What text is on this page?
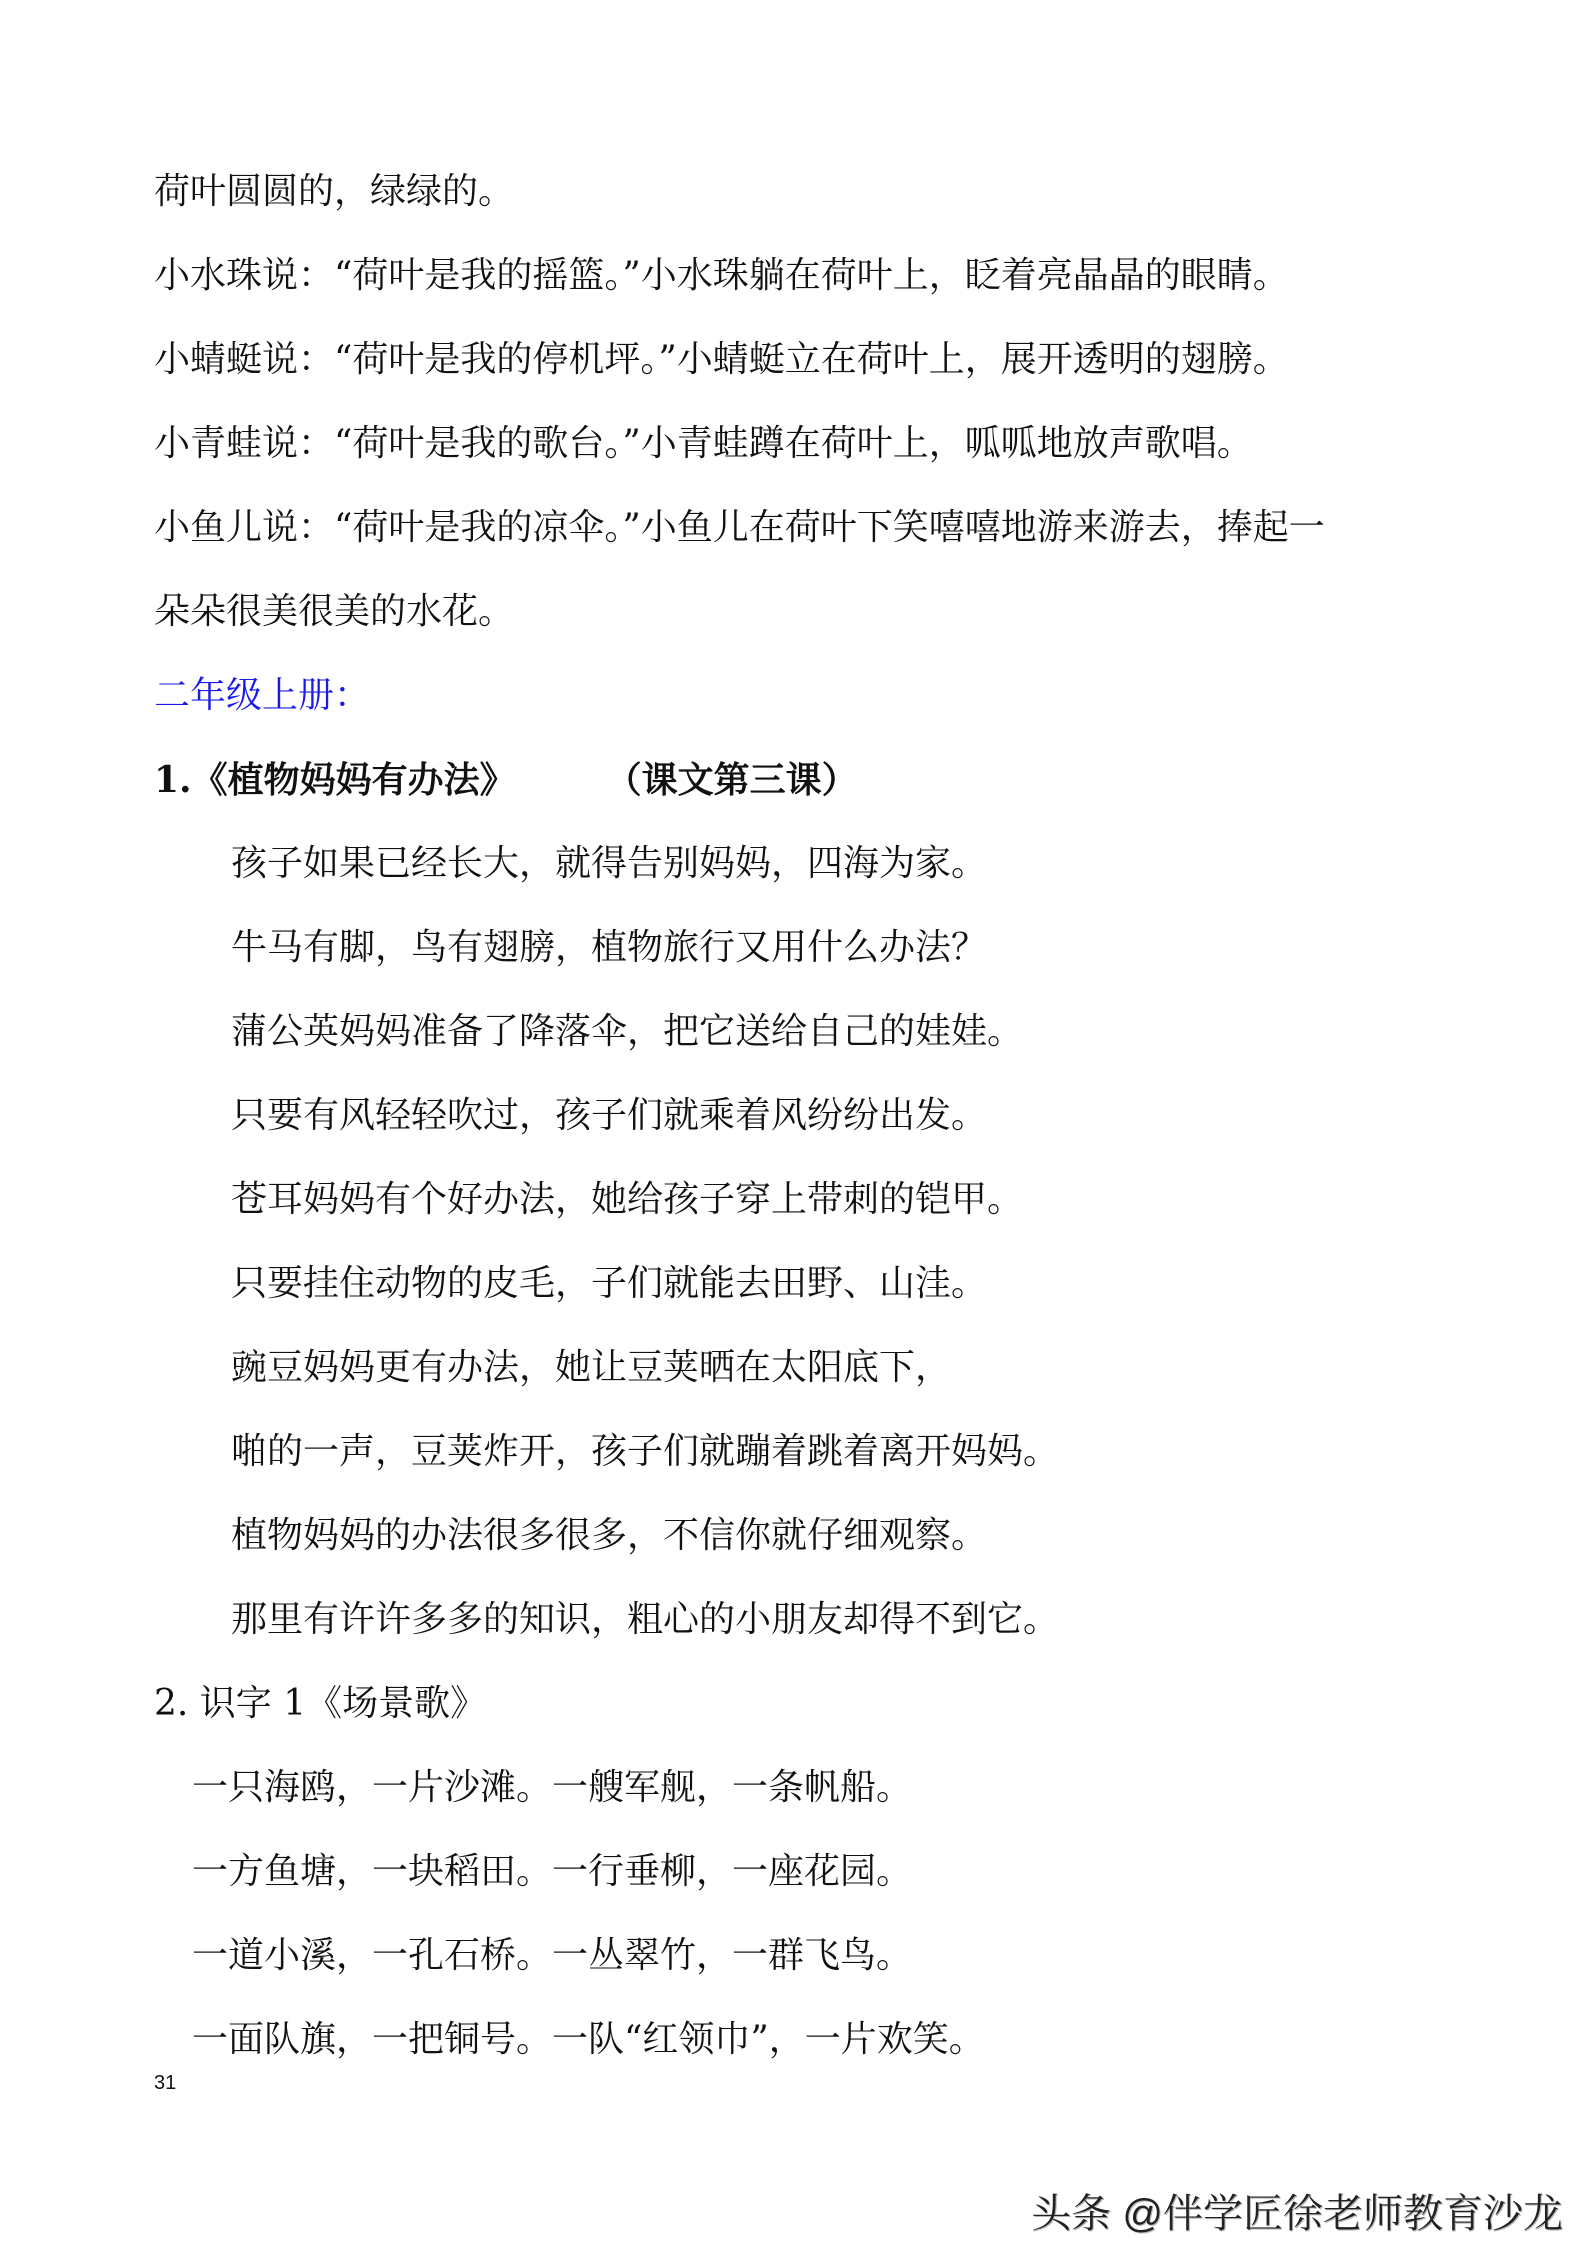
荷叶圆圆的，绿绿的。
小水珠说：“荷叶是我的摇篮。”小水珠躺在荷叶上，眨着亮晶晶的眼睛。
小蜻蜓说：“荷叶是我的停机坪。”小蜻蜓立在荷叶上，展开透明的翅膀。
小青蛙说：“荷叶是我的歌台。”小青蛙蹲在荷叶上，呱呱地放声歌唱。
小鱼儿说：“荷叶是我的凉伞。”小鱼儿在荷叶下笑嘻嘻地游来游去，捧起一
朵朵很美很美的水花。
二年级上册：
1.《植物妈妈有办法》	（课文第三课）
孩子如果已经长大，就得告别妈妈，四海为家。
牛马有脚，鸟有翅膀，植物旅行又用什么办法？
蒲公英妈妈准备了降落伞，把它送给自己的娃娃。
只要有风轻轻吹过，孩子们就乘着风纷纷出发。
苍耳妈妈有个好办法，她给孩子穿上带刺的铠甲。
只要挂住动物的皮毛，子们就能去田野、山洼。
豌豆妈妈更有办法，她让豆荚晒在太阳底下，
啪的一声，豆荚炸开，孩子们就蹦着跳着离开妈妈。
植物妈妈的办法很多很多，不信你就仔细观察。
那里有许许多多的知识，粗心的小朋友却得不到它。
2. 识字 1《场景歌》
一只海鸥，一片沙滩。一艘军舰，一条帆船。
一方鱼塘，一块稻田。一行垂柳，一座花园。
一道小溪，一孔石桥。一丛翠竹，一群飞鸟。
一面队旗，一把铜号。一队“红领巾”，一片欢笑。
31
头条 @伴学匠徐老师教育沙龙
